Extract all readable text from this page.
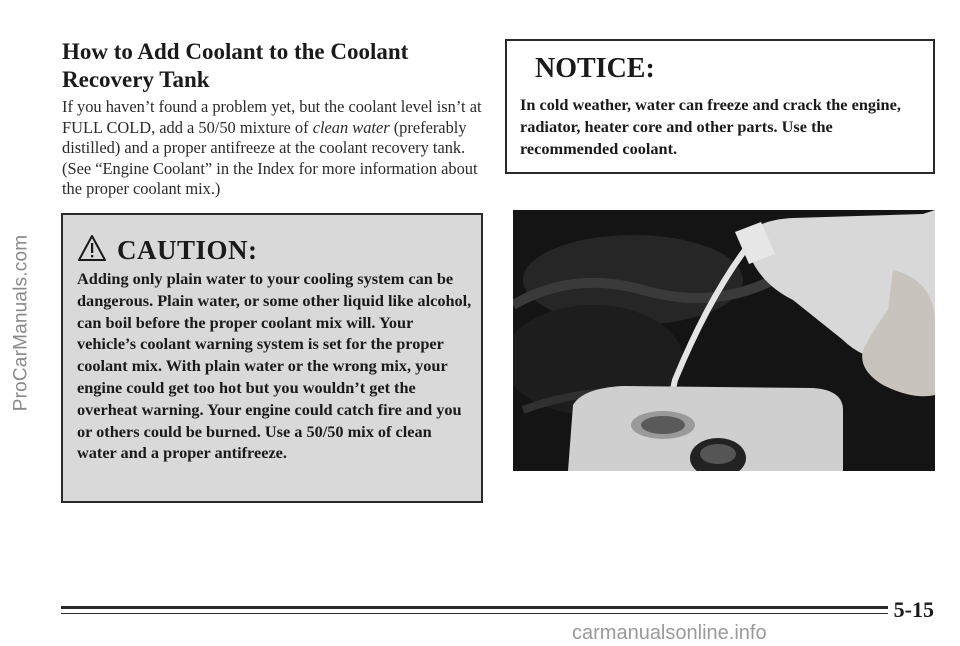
ProCarManuals.com
How to Add Coolant to the Coolant Recovery Tank

If you haven’t found a problem yet, but the coolant level isn’t at FULL COLD, add a 50/50 mixture of clean water (preferably distilled) and a proper antifreeze at the coolant recovery tank. (See “Engine Coolant” in the Index for more information about the proper coolant mix.)

CAUTION:

Adding only plain water to your cooling system can be dangerous. Plain water, or some other liquid like alcohol, can boil before the proper coolant mix will. Your vehicle’s coolant warning system is set for the proper coolant mix. With plain water or the wrong mix, your engine could get too hot but you wouldn’t get the overheat warning. Your engine could catch fire and you or others could be burned. Use a 50/50 mix of clean water and a proper antifreeze.

NOTICE:

In cold weather, water can freeze and crack the engine, radiator, heater core and other parts. Use the recommended coolant.

5-15
carmanualsonline.info
